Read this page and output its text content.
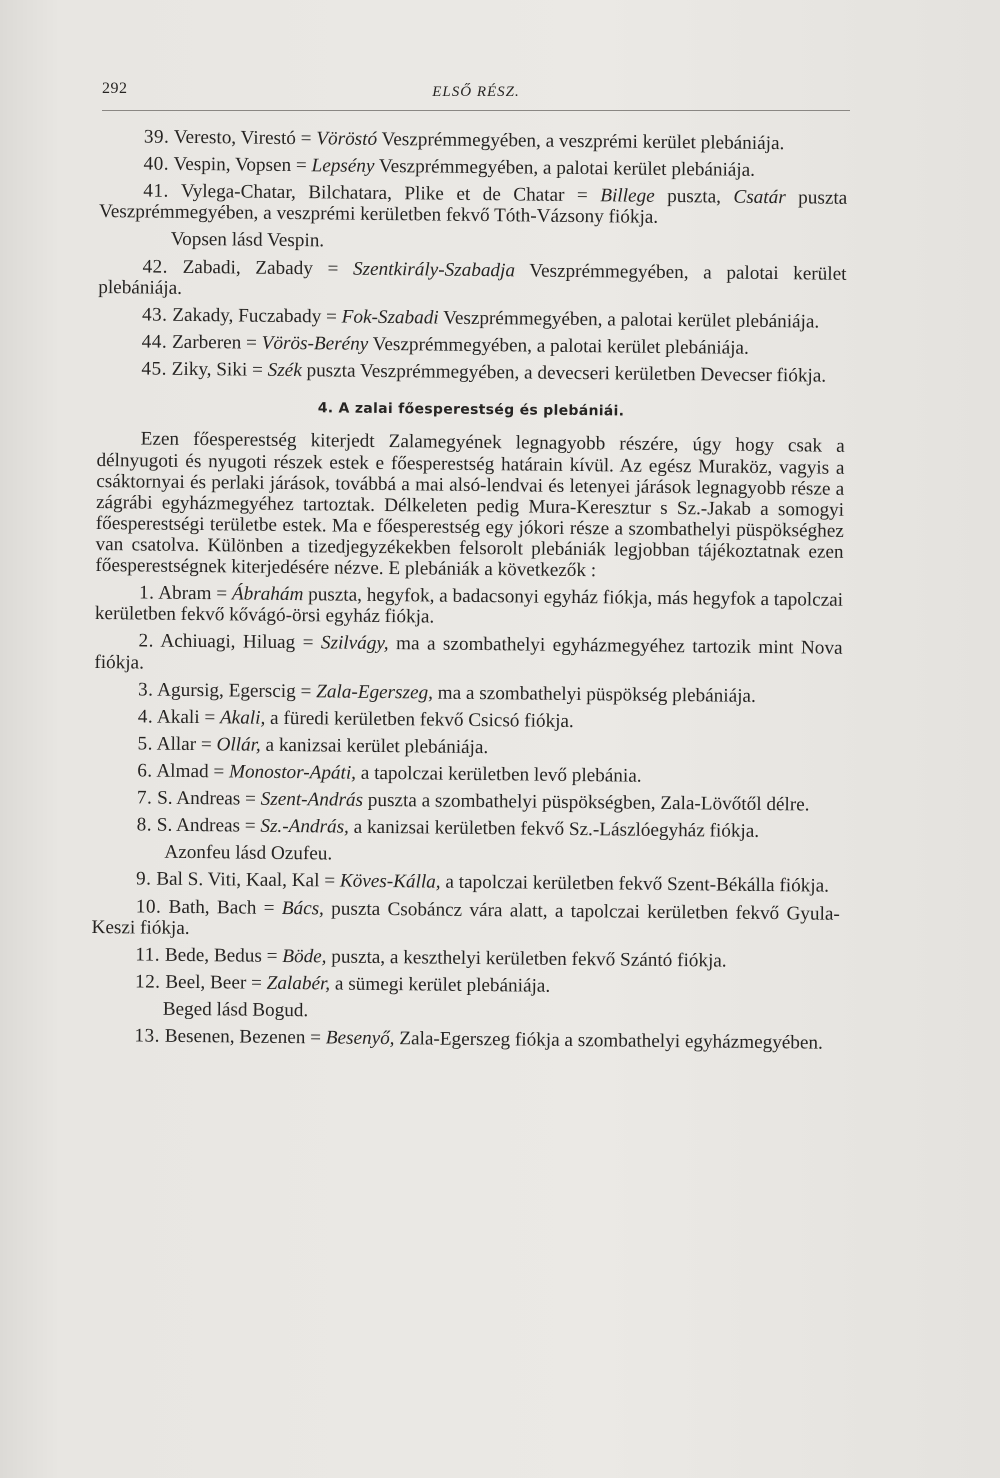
292	ELSŐ RÉSZ.

39. Veresto, Virestó = Vöröstó Veszprémmegyében, a veszprémi kerület plebániája.

40. Vespin, Vopsen = Lepsény Veszprémmegyében, a palotai kerület plebániája.

41. Vylega-Chatar, Bilchatara, Plike et de Chatar = Billege puszta, Csatár puszta Veszprémmegyében, a veszprémi kerületben fekvő Tóth-Vázsony fiókja.

Vopsen lásd Vespin.

42. Zabadi, Zabady = Szentkirály-Szabadja Veszprémmegyében, a palotai kerület plebániája.

43. Zakady, Fuczabady = Fok-Szabadi Veszprémmegyében, a palotai kerület plebániája.

44. Zarberen = Vörös-Berény Veszprémmegyében, a palotai kerület plebániája.

45. Ziky, Siki = Szék puszta Veszprémmegyében, a devecseri kerületben Devecser fiókja.

4. A zalai főesperestség és plebániái.

Ezen főesperestség kiterjedt Zalamegyének legnagyobb részére, úgy hogy csak a délnyugoti és nyugoti részek estek e főesperestség határain kívül. Az egész Muraköz, vagyis a csáktornyai és perlaki járások, továbbá a mai alsó-lendvai és letenyei járások legnagyobb része a zágrábi egyházmegyéhez tartoztak. Délkeleten pedig Mura-Keresztur s Sz.-Jakab a somogyi főesperestségi területbe estek. Ma e főesperestség egy jókori része a szombathelyi püspökséghez van csatolva. Különben a tizedjegyzékekben felsorolt plebániák legjobban tájékoztatnak ezen főesperestségnek kiterjedésére nézve. E plebániák a következők :

1. Abram = Ábrahám puszta, hegyfok, a badacsonyi egyház fiókja, más hegyfok a tapolczai kerületben fekvő kővágó-örsi egyház fiókja.

2. Achiuagi, Hiluag = Szilvágy, ma a szombathelyi egyházmegyéhez tartozik mint Nova fiókja.

3. Agursig, Egerscig = Zala-Egerszeg, ma a szombathelyi püspökség plebániája.

4. Akali = Akali, a füredi kerületben fekvő Csicsó fiókja.

5. Allar = Ollár, a kanizsai kerület plebániája.

6. Almad = Monostor-Apáti, a tapolczai kerületben levő plebánia.

7. S. Andreas = Szent-András puszta a szombathelyi püspökségben, Zala-Lövőtől délre.

8. S. Andreas = Sz.-András, a kanizsai kerületben fekvő Sz.-Lászlóegyház fiókja.

Azonfeu lásd Ozufeu.

9. Bal S. Viti, Kaal, Kal = Köves-Kálla, a tapolczai kerületben fekvő Szent-Békálla fiókja.

10. Bath, Bach = Bács, puszta Csobáncz vára alatt, a tapolczai kerületben fekvő Gyula-Keszi fiókja.

11. Bede, Bedus = Böde, puszta, a keszthelyi kerületben fekvő Szántó fiókja.

12. Beel, Beer = Zalabér, a sümegi kerület plebániája.

Beged lásd Bogud.

13. Besenen, Bezenen = Besenyő, Zala-Egerszeg fiókja a szombathelyi egyházmegyében.
